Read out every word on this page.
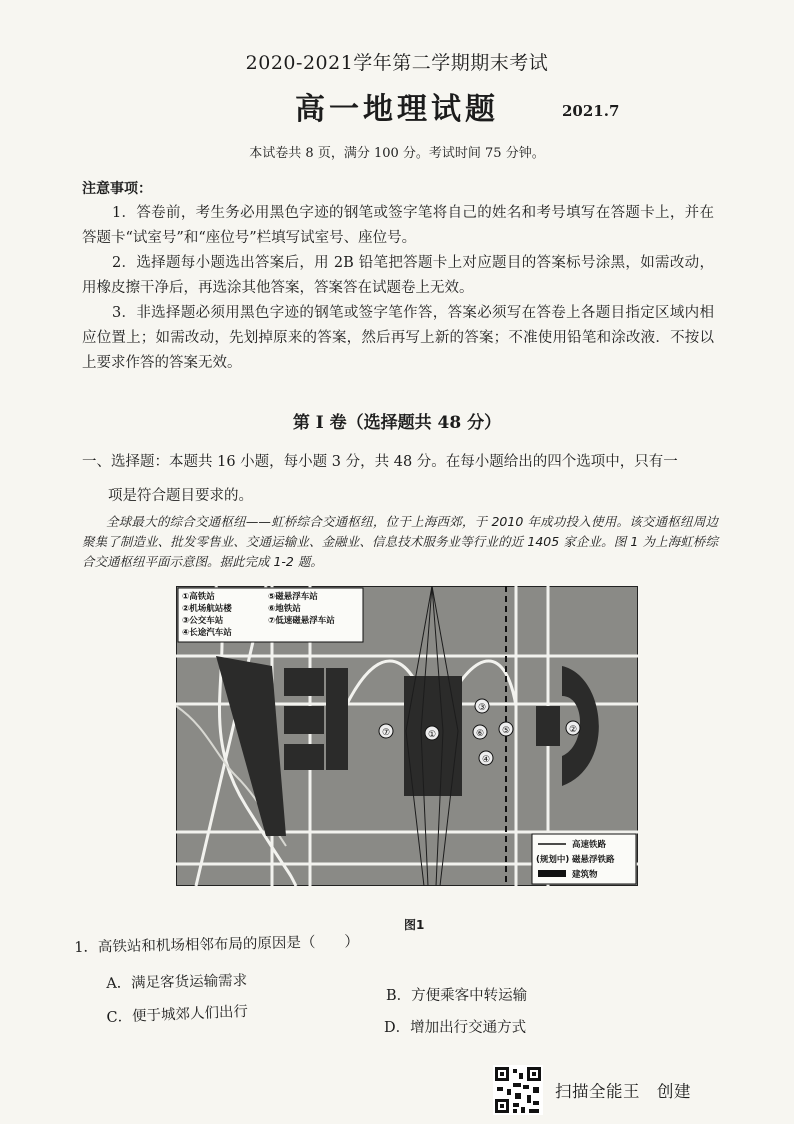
2020-2021学年第二学期期末考试
高一地理试题	2021.7
本试卷共 8 页，满分 100 分。考试时间 75 分钟。
注意事项：
1．答卷前，考生务必用黑色字迹的钢笔或签字笔将自己的姓名和考号填写在答题卡上，并在答题卡“试室号”和“座位号”栏填写试室号、座位号。
2．选择题每小题选出答案后，用 2B 铅笔把答题卡上对应题目的答案标号涂黑，如需改动，用橡皮擦干净后，再选涂其他答案，答案答在试题卷上无效。
3．非选择题必须用黑色字迹的钢笔或签字笔作答，答案必须写在答卷上各题目指定区域内相应位置上；如需改动，先划掉原来的答案，然后再写上新的答案；不准使用铅笔和涂改液．不按以上要求作答的答案无效。
第 I 卷（选择题共 48 分）
一、选择题：本题共 16 小题，每小题 3 分，共 48 分。在每小题给出的四个选项中，只有一
项是符合题目要求的。
全球最大的综合交通枢纽——虹桥综合交通枢纽，位于上海西郊，于 2010 年成功投入使用。该交通枢纽周边聚集了制造业、批发零售业、交通运输业、金融业、信息技术服务业等行业的近 1405 家企业。图 1 为上海虹桥综合交通枢纽平面示意图。据此完成 1-2 题。
①	②
③
④
⑤
⑥
⑦
①高铁站	⑤磁悬浮车站
②机场航站楼	⑥地铁站
③公交车站	⑦低速磁悬浮车站
④长途汽车站
高速铁路
(规划中) 磁悬浮铁路
建筑物
图1
1．高铁站和机场相邻布局的原因是（　　）
A．满足客货运输需求
B．方便乘客中转运输
C．便于城郊人们出行
D．增加出行交通方式
扫描全能王　创建
